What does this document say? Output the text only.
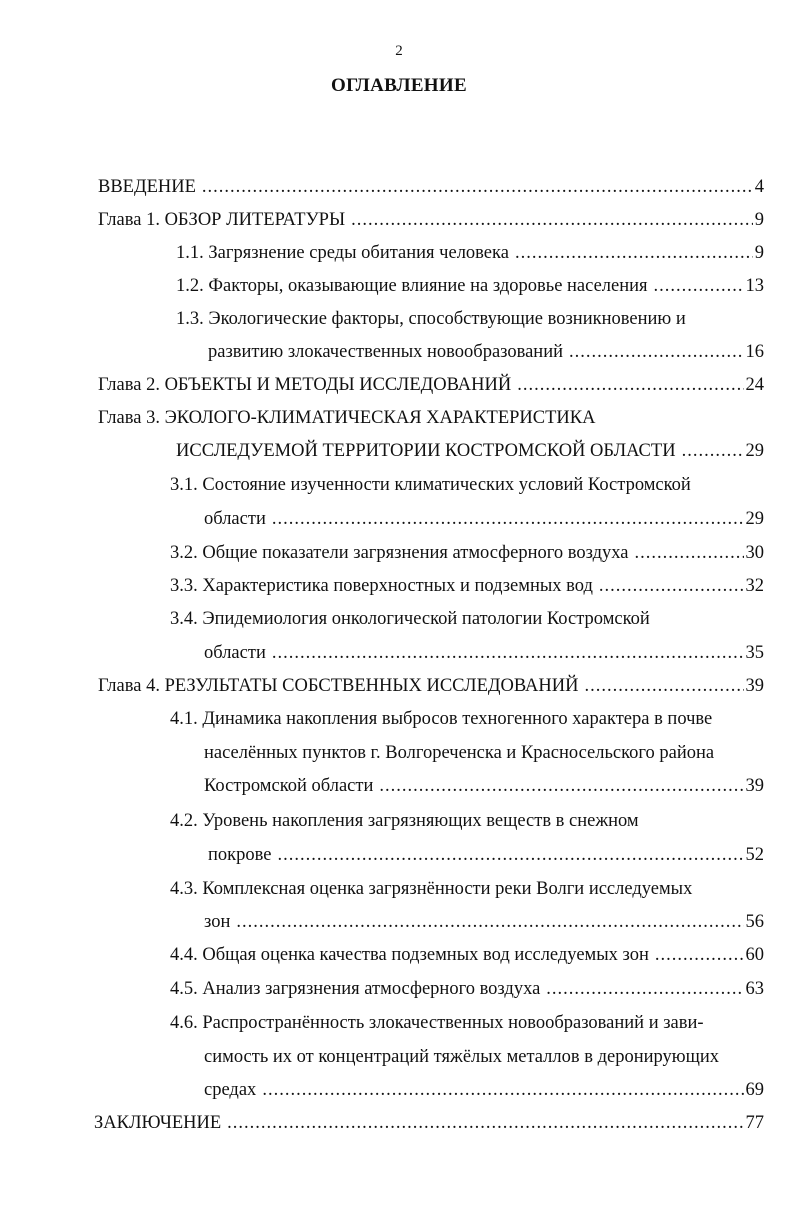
2
ОГЛАВЛЕНИЕ
ВВЕДЕНИЕ .....	4
Глава 1. ОБЗОР ЛИТЕРАТУРЫ .....	9
1.1. Загрязнение среды обитания человека .....	9
1.2. Факторы, оказывающие влияние на здоровье населения .....	13
1.3. Экологические факторы, способствующие возникновению и
развитию злокачественных новообразований .....	16
Глава 2. ОБЪЕКТЫ И МЕТОДЫ ИССЛЕДОВАНИЙ .....	24
Глава 3. ЭКОЛОГО-КЛИМАТИЧЕСКАЯ ХАРАКТЕРИСТИКА
ИССЛЕДУЕМОЙ ТЕРРИТОРИИ КОСТРОМСКОЙ ОБЛАСТИ .....	29
3.1. Состояние изученности климатических условий Костромской
области .....	29
3.2. Общие показатели загрязнения атмосферного воздуха .....	30
3.3. Характеристика поверхностных и подземных вод .....	32
3.4. Эпидемиология онкологической патологии Костромской
области .....	35
Глава 4. РЕЗУЛЬТАТЫ СОБСТВЕННЫХ ИССЛЕДОВАНИЙ .....	39
4.1. Динамика накопления выбросов техногенного характера в почве
населённых пунктов г. Волгореченска и Красносельского района
Костромской области .....	39
4.2. Уровень накопления загрязняющих веществ в снежном
покрове .....	52
4.3. Комплексная оценка загрязнённости реки Волги исследуемых
зон .....	56
4.4. Общая оценка качества подземных вод исследуемых зон .....	60
4.5. Анализ загрязнения атмосферного воздуха .....	63
4.6. Распространённость злокачественных новообразований и зави-
симость их от концентраций тяжёлых металлов в деронирующих
средах .....	69
ЗАКЛЮЧЕНИЕ .....	77
